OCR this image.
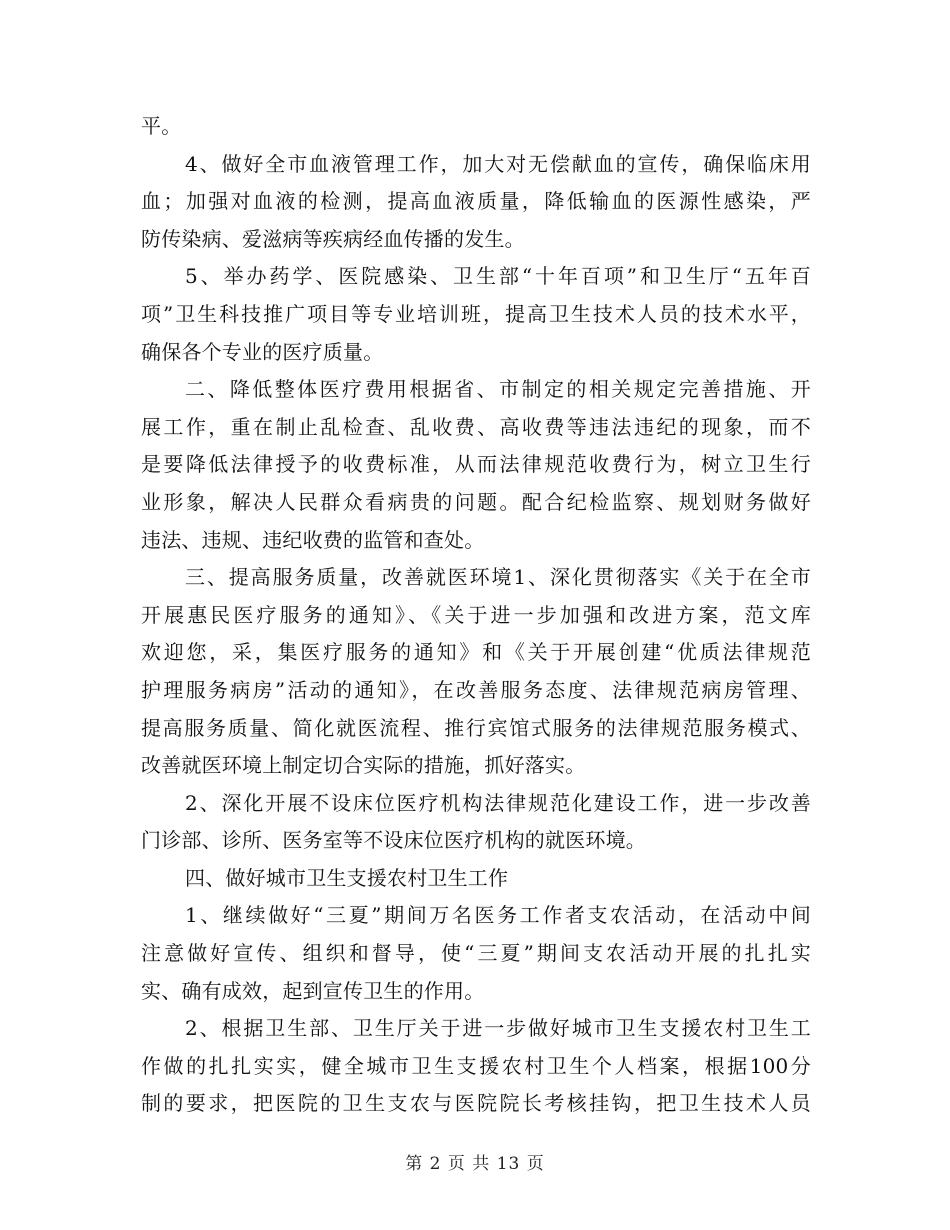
平。
4、做好全市血液管理工作，加大对无偿献血的宣传，确保临床用
血；加强对血液的检测，提高血液质量，降低输血的医源性感染，严
防传染病、爱滋病等疾病经血传播的发生。
5、举办药学、医院感染、卫生部“十年百项”和卫生厅“五年百
项”卫生科技推广项目等专业培训班，提高卫生技术人员的技术水平，
确保各个专业的医疗质量。
二、降低整体医疗费用根据省、市制定的相关规定完善措施、开
展工作，重在制止乱检查、乱收费、高收费等违法违纪的现象，而不
是要降低法律授予的收费标准，从而法律规范收费行为，树立卫生行
业形象，解决人民群众看病贵的问题。配合纪检监察、规划财务做好
违法、违规、违纪收费的监管和查处。
三、提高服务质量，改善就医环境1、深化贯彻落实《关于在全市
开展惠民医疗服务的通知》、《关于进一步加强和改进方案，范文库
欢迎您，采，集医疗服务的通知》和《关于开展创建“优质法律规范
护理服务病房”活动的通知》，在改善服务态度、法律规范病房管理、
提高服务质量、简化就医流程、推行宾馆式服务的法律规范服务模式、
改善就医环境上制定切合实际的措施，抓好落实。
2、深化开展不设床位医疗机构法律规范化建设工作，进一步改善
门诊部、诊所、医务室等不设床位医疗机构的就医环境。
四、做好城市卫生支援农村卫生工作
1、继续做好“三夏”期间万名医务工作者支农活动，在活动中间
注意做好宣传、组织和督导，使“三夏”期间支农活动开展的扎扎实
实、确有成效，起到宣传卫生的作用。
2、根据卫生部、卫生厅关于进一步做好城市卫生支援农村卫生工
作做的扎扎实实，健全城市卫生支援农村卫生个人档案，根据100分
制的要求，把医院的卫生支农与医院院长考核挂钩，把卫生技术人员
第 2 页 共 13 页
